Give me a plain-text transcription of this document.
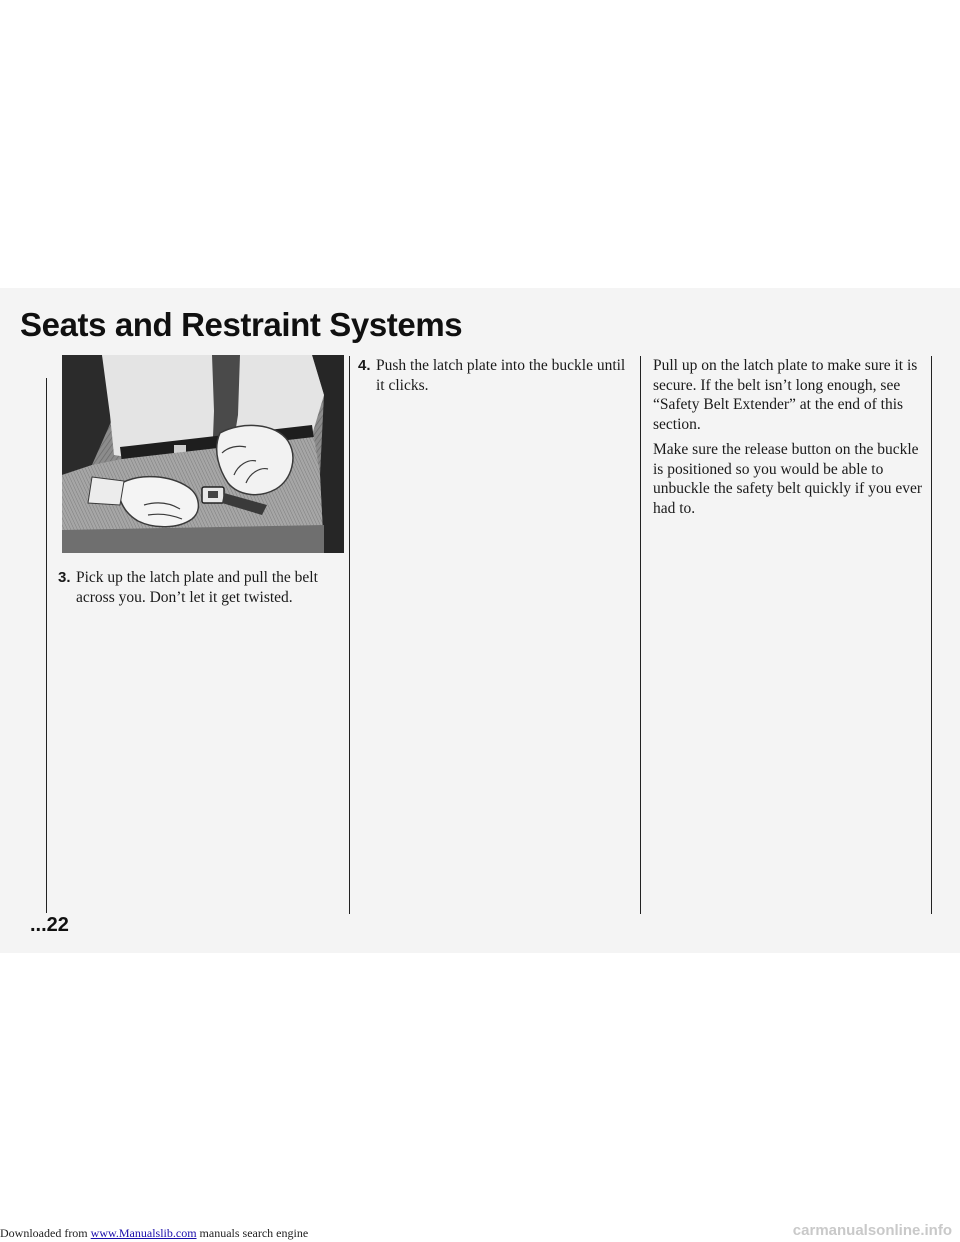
Seats and Restraint Systems
3. Pick up the latch plate and pull the belt across you. Don’t let it get twisted.
4. Push the latch plate into the buckle until it clicks.

Pull up on the latch plate to make sure it is secure. If the belt isn’t long enough, see “Safety Belt Extender” at the end of this section.

Make sure the release button on the buckle is positioned so you would be able to unbuckle the safety belt quickly if you ever had to.

...22
Downloaded from www.Manualslib.com manuals search engine	carmanualsonline.info
